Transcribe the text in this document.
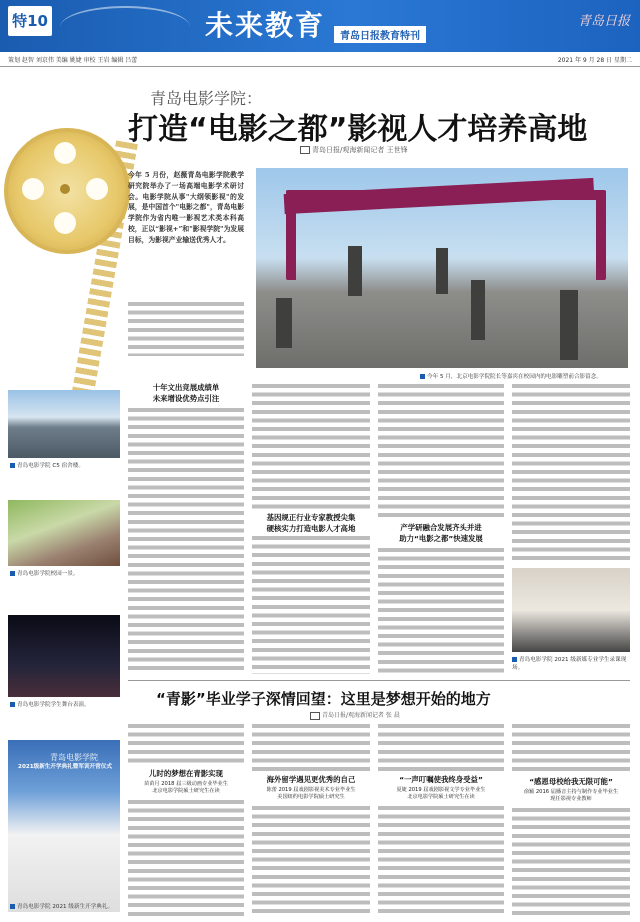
特10	未来教育	青岛日报教育特刊
青岛日报
策划 赵智 刘京伟 美编 姚婕 审校 王岩 编辑 吕蕾	2021 年 9 月 28 日 星期二
青岛电影学院：
打造“电影之都”影视人才培养高地
青岛日报/观海新闻记者 王世锋
今年 5 月份，赵薇青岛电影学院教学研究院举办了一场高端电影学术研讨会。电影学院从事"大纲领影视"的发展，是中国首个"电影之都"，青岛电影学院作为省内唯一影视艺术类本科高校，正以“影视+”和"影视学院"为发展目标，为影视产业输送优秀人才。
今年 5 月，北京电影学院院长等嘉宾在校园内的电影雕塑前合影留念。
青岛电影学院 C5 宿舍楼。
青岛电影学院校园一景。
青岛电影学院学生舞台表演。
青岛电影学院
2021级新生开学典礼暨军训开营仪式
青岛电影学院 2021 级新生开学典礼。
十年文出竞展成绩单
未来增设优势点引注
基因规正行业专家教授尖集
硬核实力打造电影人才高地	产学研融合发展齐头并进
助力“电影之都”快速发展
青岛电影学院 2021 级新媒专业学生录课现场。
“青影”毕业学子深情回望：这里是梦想开始的地方
青岛日报/观海新闻记者 张 晨
儿时的梦想在青影实现
苗苗月 2018 届三级动画专业毕业生
北京电影学院硕士研究生在读
海外留学遇见更优秀的自己
陈蕾 2019 届戏剧影视美术专业毕业生
美国纽约电影学院硕士研究生
“一声叮嘱使我终身受益”
夏婕 2019 届戏剧影视文学专业毕业生
北京电影学院硕士研究生在读
“感恩母校给我无限可能”
俞颖 2016 届播音主持与制作专业毕业生
现任影视专业教师
